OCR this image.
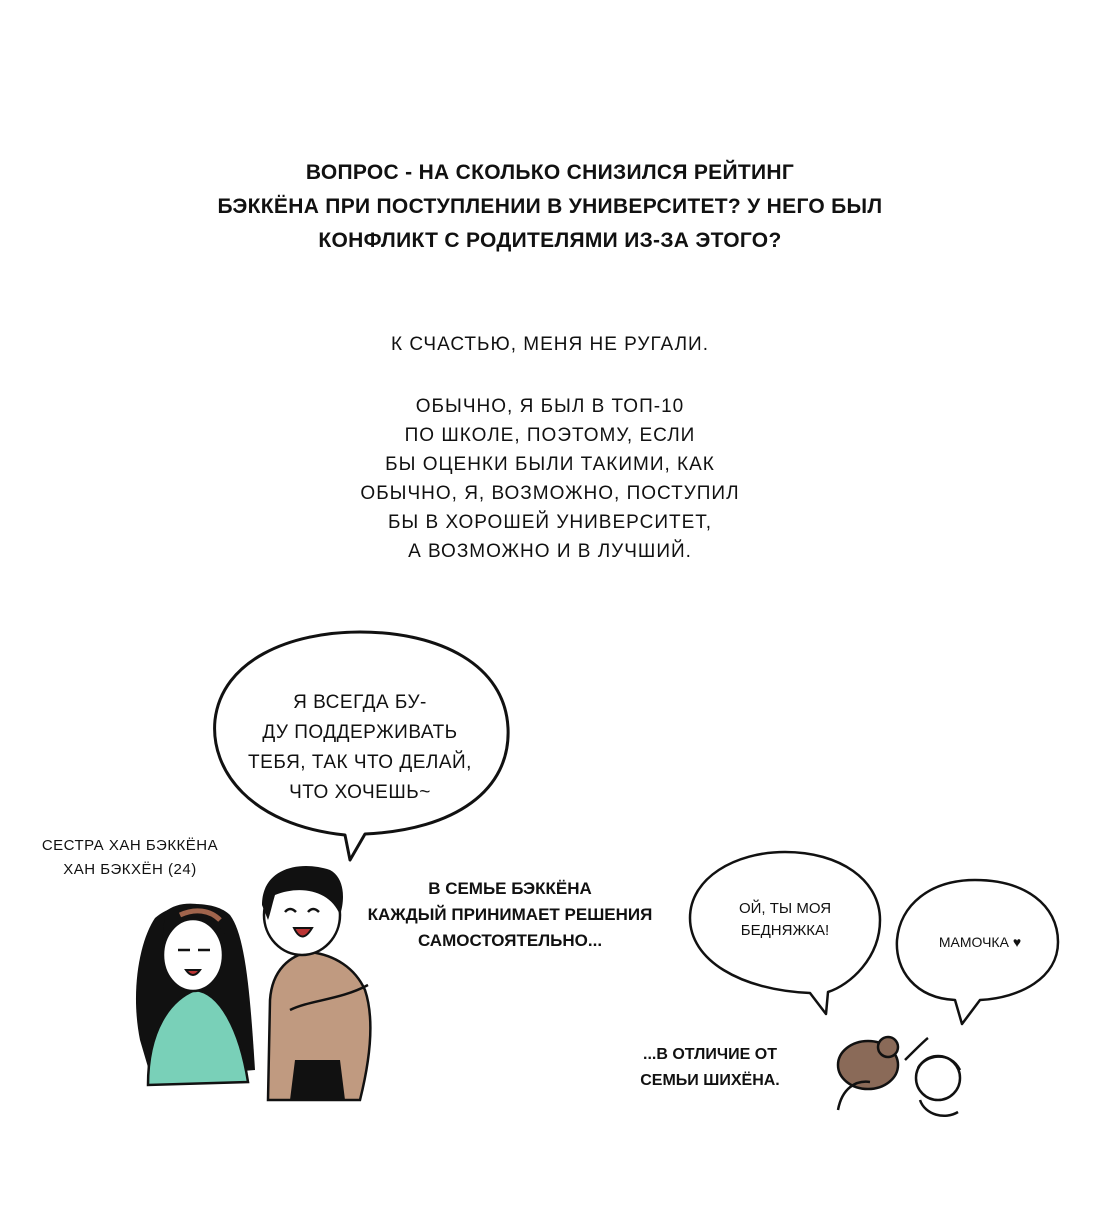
ВОПРОС - НА СКОЛЬКО СНИЗИЛСЯ РЕЙТИНГ
БЭККЁНА ПРИ ПОСТУПЛЕНИИ В УНИВЕРСИТЕТ? У НЕГО БЫЛ
КОНФЛИКТ С РОДИТЕЛЯМИ ИЗ-ЗА ЭТОГО?
К СЧАСТЬЮ, МЕНЯ НЕ РУГАЛИ.
ОБЫЧНО, Я БЫЛ В ТОП-10
ПО ШКОЛЕ, ПОЭТОМУ, ЕСЛИ
БЫ ОЦЕНКИ БЫЛИ ТАКИМИ, КАК
ОБЫЧНО, Я, ВОЗМОЖНО, ПОСТУПИЛ
БЫ В ХОРОШЕЙ УНИВЕРСИТЕТ,
А ВОЗМОЖНО И В ЛУЧШИЙ.
Я ВСЕГДА БУ-
ДУ ПОДДЕРЖИВАТЬ
ТЕБЯ, ТАК ЧТО ДЕЛАЙ,
ЧТО ХОЧЕШЬ~
ОЙ, ТЫ МОЯ
БЕДНЯЖКА!
МАМОЧКА ♥
СЕСТРА ХАН БЭККЁНА
ХАН БЭКХЁН (24)
В СЕМЬЕ БЭККЁНА
КАЖДЫЙ ПРИНИМАЕТ РЕШЕНИЯ
САМОСТОЯТЕЛЬНО...
...В ОТЛИЧИЕ ОТ
СЕМЬИ ШИХЁНА.
